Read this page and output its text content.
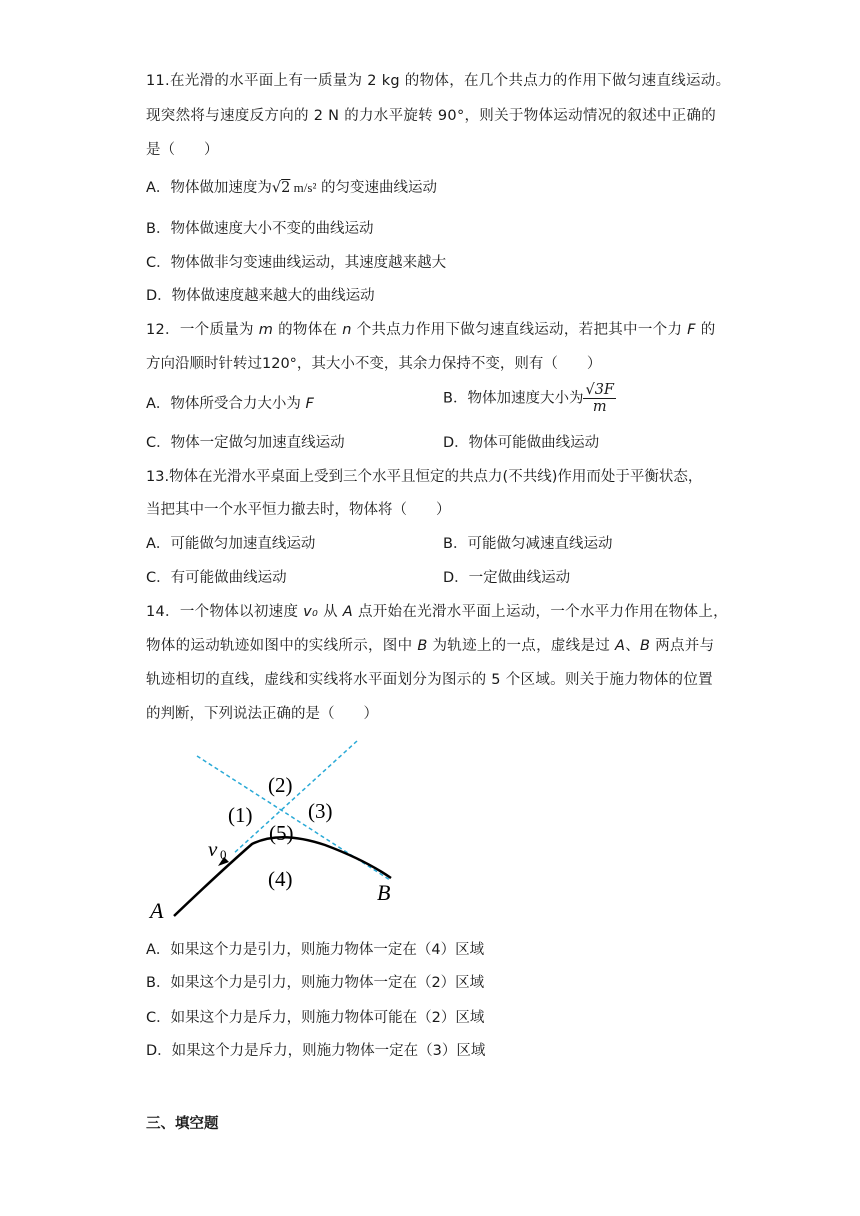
11.在光滑的水平面上有一质量为 2 kg 的物体，在几个共点力的作用下做匀速直线运动。
现突然将与速度反方向的 2 N 的力水平旋转 90°，则关于物体运动情况的叙述中正确的
是（　　）
A．物体做加速度为√2 m/s² 的匀变速曲线运动
B．物体做速度大小不变的曲线运动
C．物体做非匀变速曲线运动，其速度越来越大
D．物体做速度越来越大的曲线运动
12．一个质量为 m 的物体在 n 个共点力作用下做匀速直线运动，若把其中一个力 F 的
方向沿顺时针转过120°，其大小不变，其余力保持不变，则有（　　）
A．物体所受合力大小为 F	B．物体加速度大小为 $\frac{√3F}{m}$
C．物体一定做匀加速直线运动	D．物体可能做曲线运动
13.物体在光滑水平桌面上受到三个水平且恒定的共点力(不共线)作用而处于平衡状态，
当把其中一个水平恒力撤去时，物体将（　　）
A．可能做匀加速直线运动	B．可能做匀减速直线运动
C．有可能做曲线运动	D．一定做曲线运动
14．一个物体以初速度 v₀ 从 A 点开始在光滑水平面上运动，一个水平力作用在物体上，
物体的运动轨迹如图中的实线所示，图中 B 为轨迹上的一点，虚线是过 A、B 两点并与
轨迹相切的直线，虚线和实线将水平面划分为图示的 5 个区域。则关于施力物体的位置
的判断，下列说法正确的是（　　）
(2)
(3)
(1)
(5)
(4)
v 0
A
B
A．如果这个力是引力，则施力物体一定在（4）区域
B．如果这个力是引力，则施力物体一定在（2）区域
C．如果这个力是斥力，则施力物体可能在（2）区域
D．如果这个力是斥力，则施力物体一定在（3）区域
三、填空题
